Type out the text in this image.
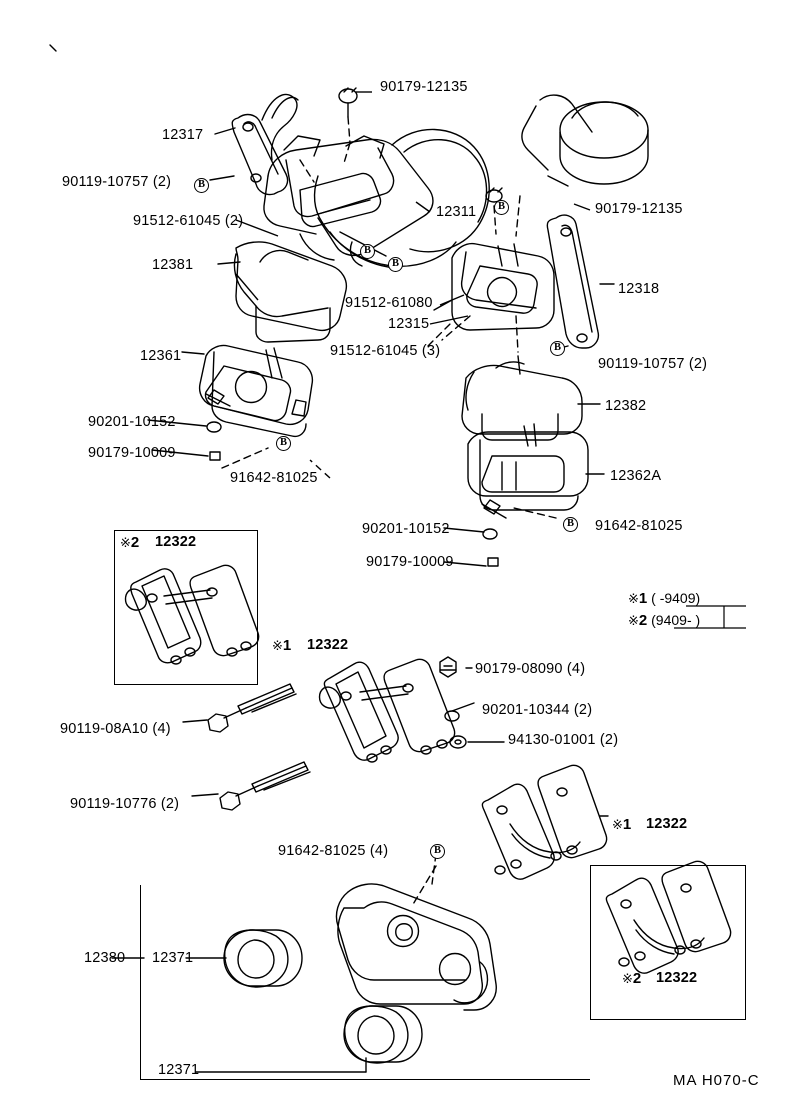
※1 ( -9409)
※2 (9409- )
※2
※1
※1
※2
B
B
B
B
B
B
B
B
90179-12135
12317
90119-10757 (2)
12311	90179-12135
91512-61045 (2)
12381
12318
91512-61080
12315
91512-61045 (3)
12361	90119-10757 (2)
12382
90201-10152
90179-10009
91642-81025	12362A
90201-10152	91642-81025
90179-10009
12322
12322
90179-08090 (4)
90201-10344 (2)
94130-01001 (2)
90119-08A10 (4)
12322
90119-10776 (2)
91642-81025 (4)
12322
12380 12371
12371
MA H070-C
